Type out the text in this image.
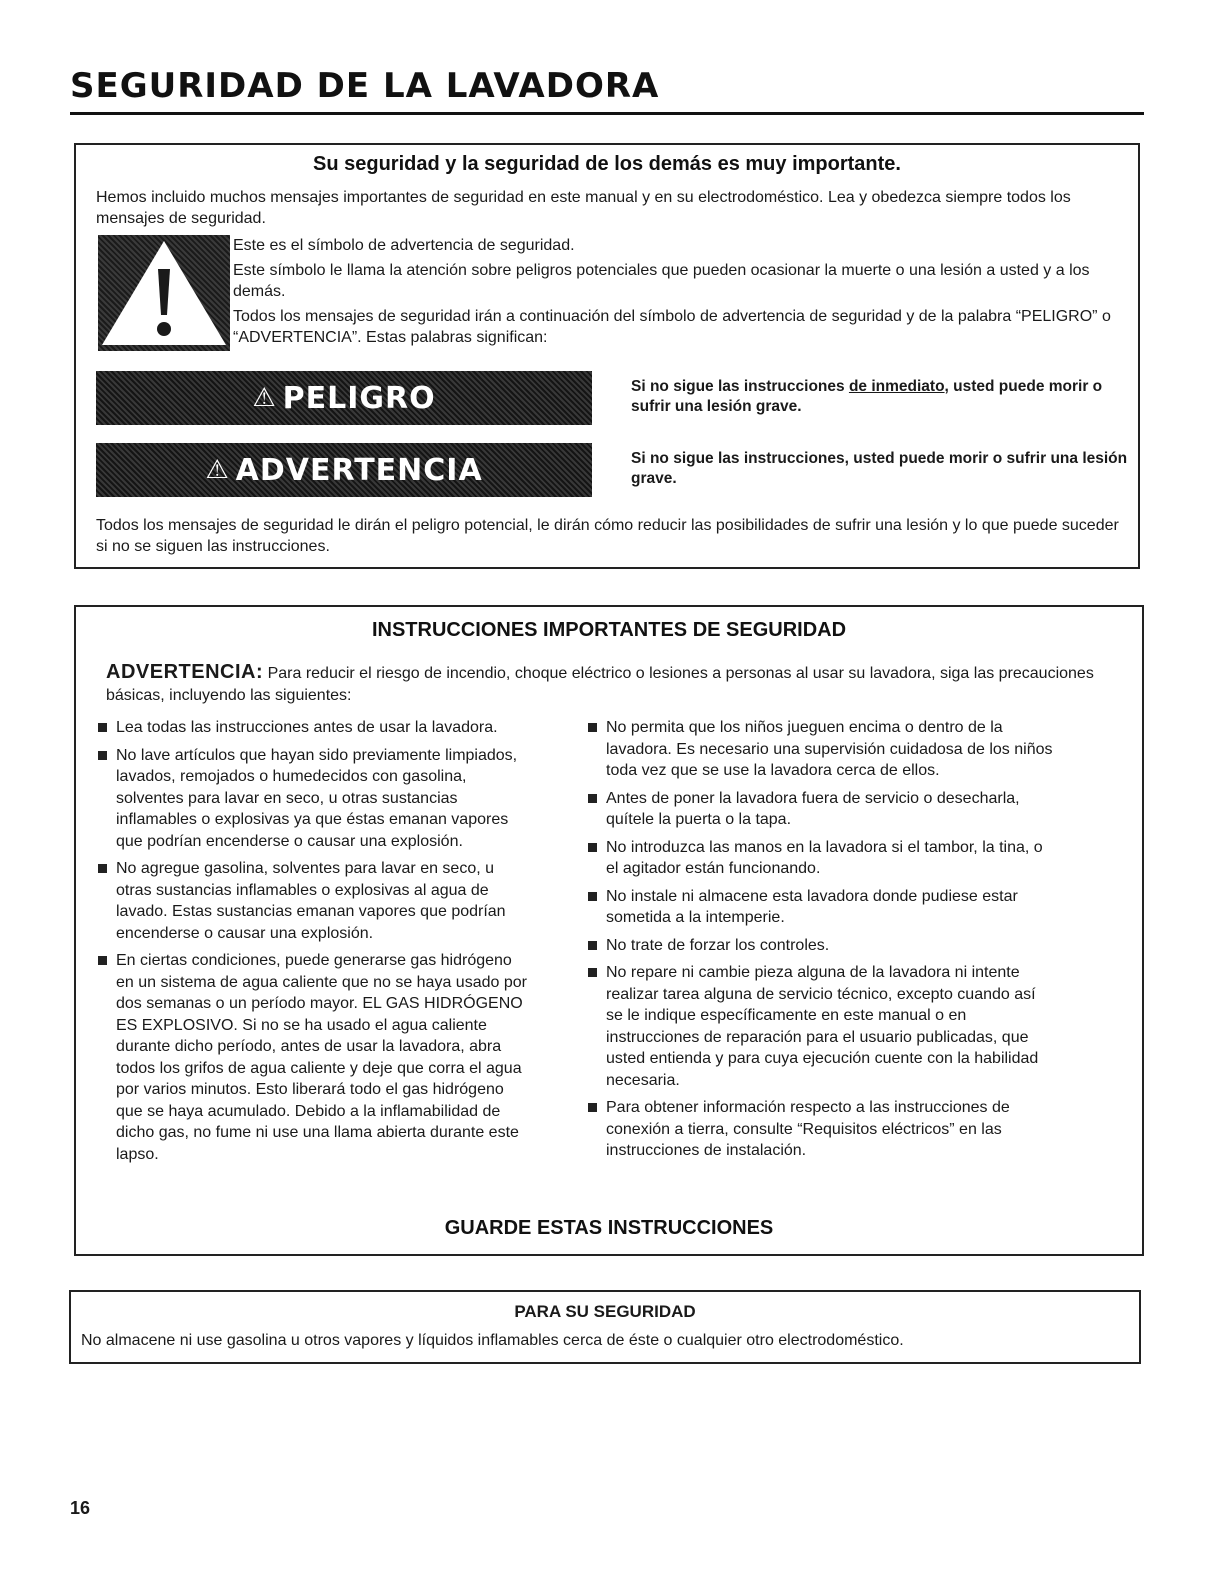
SEGURIDAD DE LA LAVADORA
Su seguridad y la seguridad de los demás es muy importante.
Hemos incluido muchos mensajes importantes de seguridad en este manual y en su electrodoméstico. Lea y obedezca siempre todos los mensajes de seguridad.

Este es el símbolo de advertencia de seguridad.

Este símbolo le llama la atención sobre peligros potenciales que pueden ocasionar la muerte o una lesión a usted y a los demás.

Todos los mensajes de seguridad irán a continuación del símbolo de advertencia de seguridad y de la palabra “PELIGRO” o “ADVERTENCIA”. Estas palabras significan:

⚠ PELIGRO	Si no sigue las instrucciones de inmediato, usted puede morir o sufrir una lesión grave.
⚠ ADVERTENCIA	Si no sigue las instrucciones, usted puede morir o sufrir una lesión grave.
Todos los mensajes de seguridad le dirán el peligro potencial, le dirán cómo reducir las posibilidades de sufrir una lesión y lo que puede suceder si no se siguen las instrucciones.
INSTRUCCIONES IMPORTANTES DE SEGURIDAD
ADVERTENCIA: Para reducir el riesgo de incendio, choque eléctrico o lesiones a personas al usar su lavadora, siga las precauciones básicas, incluyendo las siguientes:
Lea todas las instrucciones antes de usar la lavadora.
No lave artículos que hayan sido previamente limpiados, lavados, remojados o humedecidos con gasolina, solventes para lavar en seco, u otras sustancias inflamables o explosivas ya que éstas emanan vapores que podrían encenderse o causar una explosión.
No agregue gasolina, solventes para lavar en seco, u otras sustancias inflamables o explosivas al agua de lavado. Estas sustancias emanan vapores que podrían encenderse o causar una explosión.
En ciertas condiciones, puede generarse gas hidrógeno en un sistema de agua caliente que no se haya usado por dos semanas o un período mayor. EL GAS HIDRÓGENO ES EXPLOSIVO. Si no se ha usado el agua caliente durante dicho período, antes de usar la lavadora, abra todos los grifos de agua caliente y deje que corra el agua por varios minutos. Esto liberará todo el gas hidrógeno que se haya acumulado. Debido a la inflamabilidad de dicho gas, no fume ni use una llama abierta durante este lapso.
No permita que los niños jueguen encima o dentro de la lavadora. Es necesario una supervisión cuidadosa de los niños toda vez que se use la lavadora cerca de ellos.
Antes de poner la lavadora fuera de servicio o desecharla, quítele la puerta o la tapa.
No introduzca las manos en la lavadora si el tambor, la tina, o el agitador están funcionando.
No instale ni almacene esta lavadora donde pudiese estar sometida a la intemperie.
No trate de forzar los controles.
No repare ni cambie pieza alguna de la lavadora ni intente realizar tarea alguna de servicio técnico, excepto cuando así se le indique específicamente en este manual o en instrucciones de reparación para el usuario publicadas, que usted entienda y para cuya ejecución cuente con la habilidad necesaria.
Para obtener información respecto a las instrucciones de conexión a tierra, consulte “Requisitos eléctricos” en las instrucciones de instalación.
GUARDE ESTAS INSTRUCCIONES
PARA SU SEGURIDAD
No almacene ni use gasolina u otros vapores y líquidos inflamables cerca de éste o cualquier otro electrodoméstico.
16
